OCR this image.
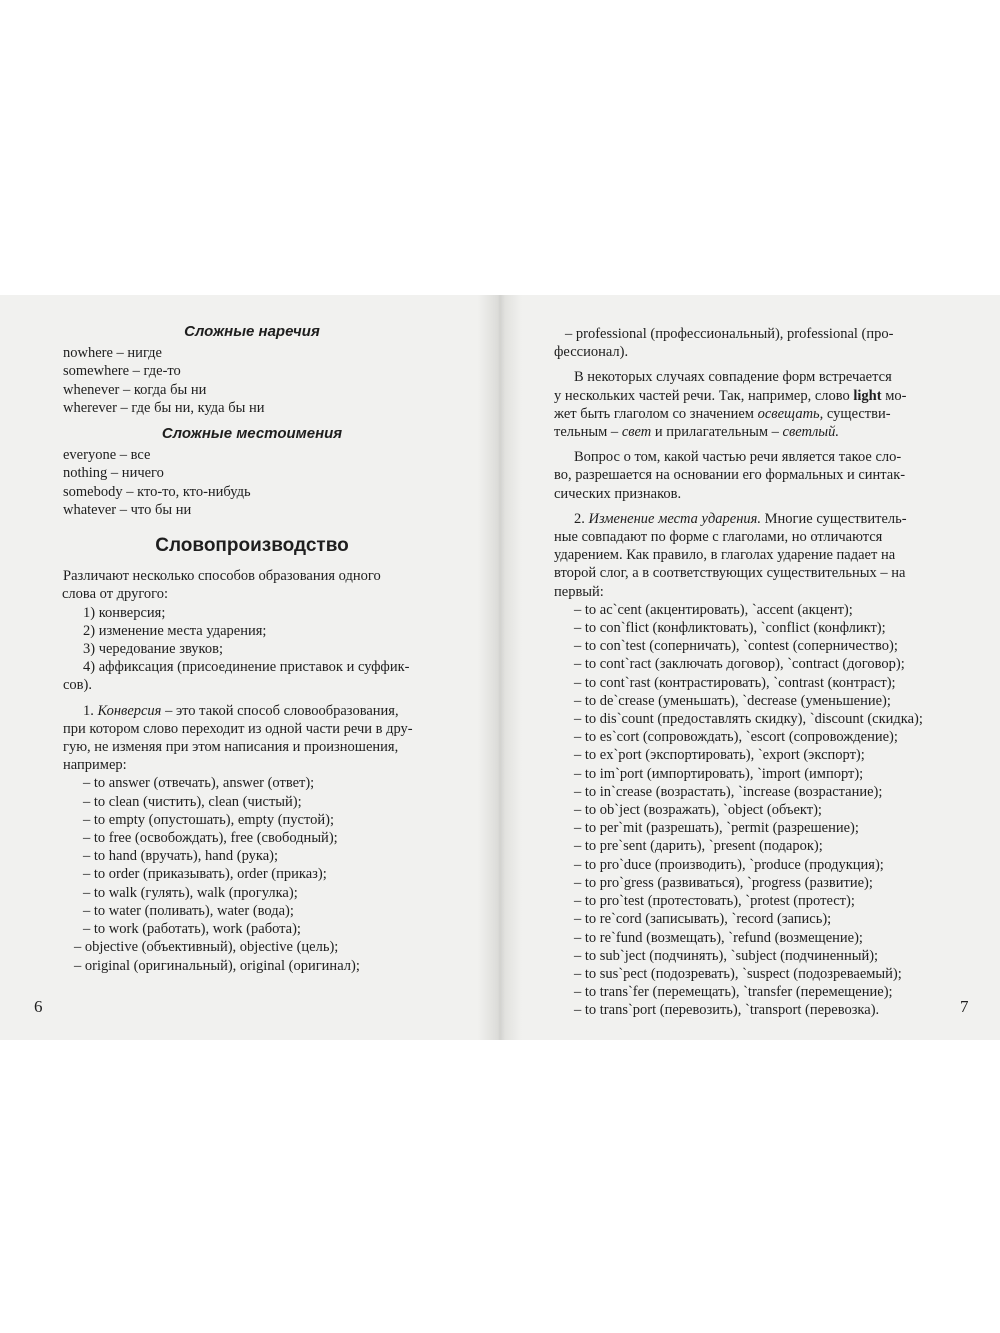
Сложные наречия
nowhere – нигде
somewhere – где-то
whenever – когда бы ни
wherever – где бы ни, куда бы ни
Сложные местоимения
everyone – все
nothing – ничего
somebody – кто-то, кто-нибудь
whatever – что бы ни
Словопроизводство
Различают несколько способов образования одного
слова от другого:
1) конверсия;
2) изменение места ударения;
3) чередование звуков;
4) аффиксация (присоединение приставок и суффик-
сов).
1. Конверсия – это такой способ словообразования,
при котором слово переходит из одной части речи в дру-
гую, не изменяя при этом написания и произношения,
например:
– to answer (отвечать), answer (ответ);
– to clean (чистить), clean (чистый);
– to empty (опустошать), empty (пустой);
– to free (освобождать), free (свободный);
– to hand (вручать), hand (рука);
– to order (приказывать), order (приказ);
– to walk (гулять), walk (прогулка);
– to water (поливать), water (вода);
– to work (работать), work (работа);
– objective (объективный), objective (цель);
– original (оригинальный), original (оригинал);
6
– professional (профессиональный), professional (про-
фессионал).
В некоторых случаях совпадение форм встречается
у нескольких частей речи. Так, например, слово light мо-
жет быть глаголом со значением освещать, существи-
тельным – свет и прилагательным – светлый.
Вопрос о том, какой частью речи является такое сло-
во, разрешается на основании его формальных и синтак-
сических признаков.
2. Изменение места ударения. Многие существитель-
ные совпадают по форме с глаголами, но отличаются
ударением. Как правило, в глаголах ударение падает на
второй слог, а в соответствующих существительных – на
первый:
– to ac`cent (акцентировать), `accent (акцент);
– to con`flict (конфликтовать), `conflict (конфликт);
– to con`test (соперничать), `contest (соперничество);
– to cont`ract (заключать договор), `contract (договор);
– to cont`rast (контрастировать), `contrast (контраст);
– to de`crease (уменьшать), `decrease (уменьшение);
– to dis`count (предоставлять скидку), `discount (скидка);
– to es`cort (сопровождать), `escort (сопровождение);
– to ex`port (экспортировать), `export (экспорт);
– to im`port (импортировать), `import (импорт);
– to in`crease (возрастать), `increase (возрастание);
– to ob`ject (возражать), `object (объект);
– to per`mit (разрешать), `permit (разрешение);
– to pre`sent (дарить), `present (подарок);
– to pro`duce (производить), `produce (продукция);
– to pro`gress (развиваться), `progress (развитие);
– to pro`test (протестовать), `protest (протест);
– to re`cord (записывать), `record (запись);
– to re`fund (возмещать), `refund (возмещение);
– to sub`ject (подчинять), `subject (подчиненный);
– to sus`pect (подозревать), `suspect (подозреваемый);
– to trans`fer (перемещать), `transfer (перемещение);
– to trans`port (перевозить), `transport (перевозка).	7
